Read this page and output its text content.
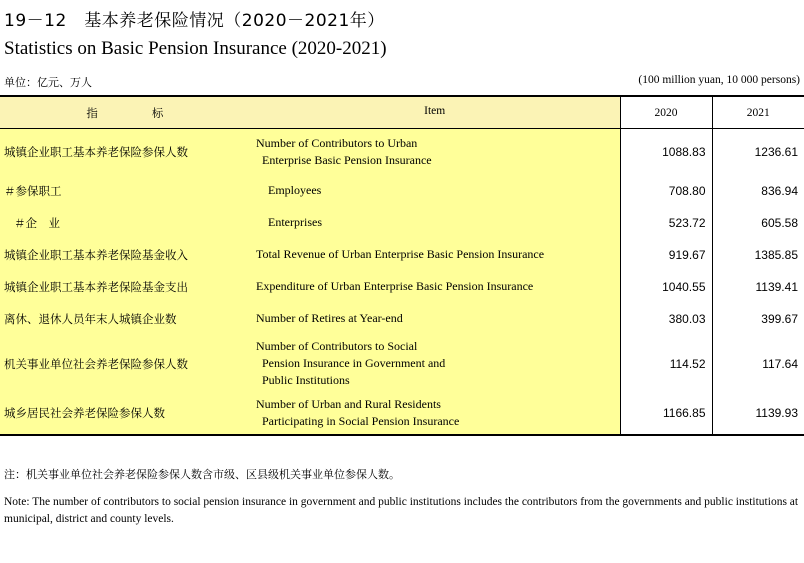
19－12　基本养老保险情况（2020－2021年）
Statistics on Basic Pension Insurance (2020-2021)
单位：亿元、万人	(100 million yuan, 10 000 persons)
指 标 Item		2020	2021
城镇企业职工基本养老保险参保人数	Number of Contributors to Urban
Enterprise Basic Pension Insurance	1088.83	1236.61
＃参保职工	Employees	708.80	836.94
＃企　业	Enterprises	523.72	605.58
城镇企业职工基本养老保险基金收入	Total Revenue of Urban Enterprise Basic Pension Insurance	919.67	1385.85
城镇企业职工基本养老保险基金支出	Expenditure of Urban Enterprise Basic Pension Insurance	1040.55	1139.41
离休、退休人员年末人城镇企业数	Number of Retires at Year-end	380.03	399.67
机关事业单位社会养老保险参保人数	Number of Contributors to Social
Pension Insurance in Government and
Public Institutions	114.52	117.64
城乡居民社会养老保险参保人数	Number of Urban and Rural Residents
Participating in Social Pension Insurance	1166.85	1139.93
注：机关事业单位社会养老保险参保人数含市级、区县级机关事业单位参保人数。
Note: The number of contributors to social pension insurance in government and public institutions includes the contributors from the governments and public institutions at municipal, district and county levels.
